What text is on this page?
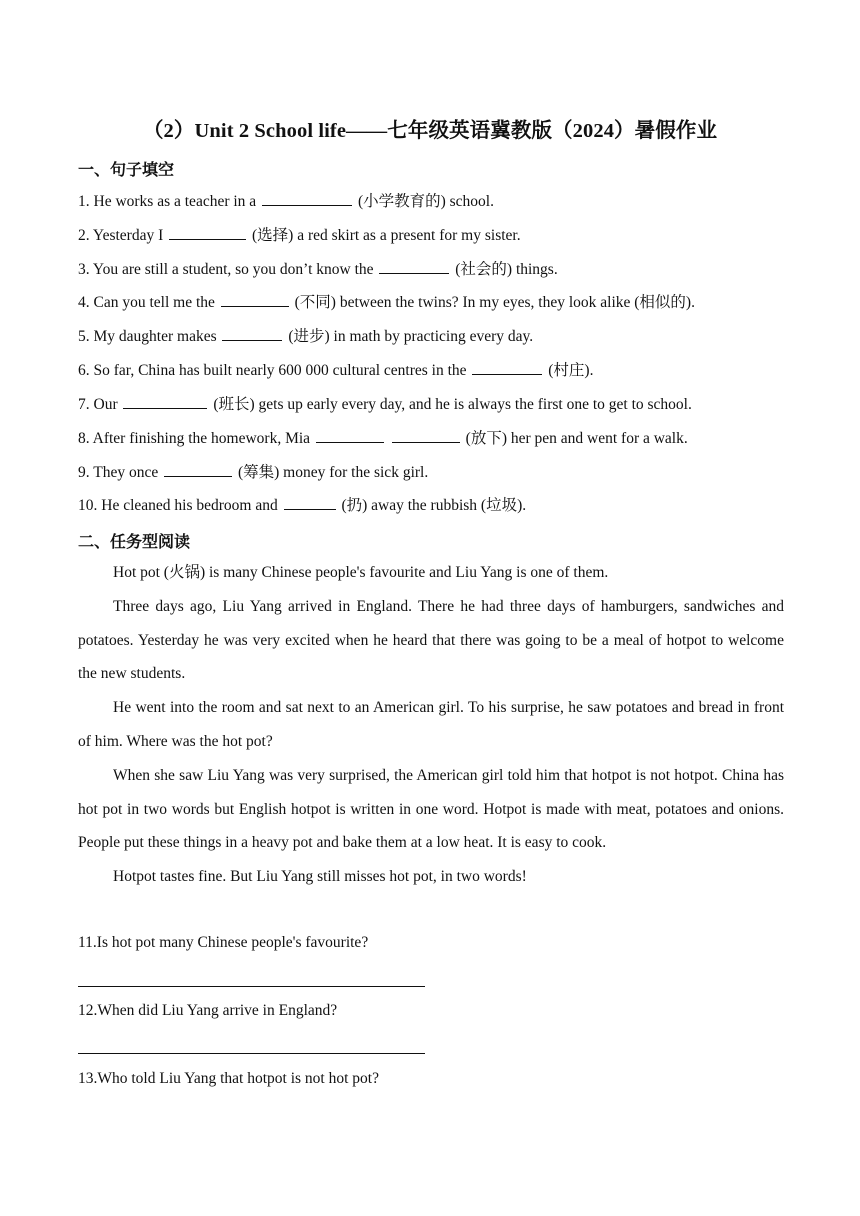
（2）Unit 2 School life——七年级英语冀教版（2024）暑假作业
一、句子填空
1. He works as a teacher in a	(小学教育的) school.
2. Yesterday I	(选择) a red skirt as a present for my sister.
3. You are still a student, so you don’t know the	(社会的) things.
4. Can you tell me the	(不同) between the twins? In my eyes, they look alike (相似的).
5. My daughter makes	(进步) in math by practicing every day.
6. So far, China has built nearly 600 000 cultural centres in the	(村庄).
7. Our	(班长) gets up early every day, and he is always the first one to get to school.
8. After finishing the homework, Mia	(放下) her pen and went for a walk.
9. They once	(筹集) money for the sick girl.
10. He cleaned his bedroom and	(扔) away the rubbish (垃圾).
二、任务型阅读

Hot pot (火锅) is many Chinese people's favourite and Liu Yang is one of them.

Three days ago, Liu Yang arrived in England. There he had three days of hamburgers, sandwiches and potatoes. Yesterday he was very excited when he heard that there was going to be a meal of hotpot to welcome the new students.

He went into the room and sat next to an American girl. To his surprise, he saw potatoes and bread in front of him. Where was the hot pot?

When she saw Liu Yang was very surprised, the American girl told him that hotpot is not hotpot. China has hot pot in two words but English hotpot is written in one word. Hotpot is made with meat, potatoes and onions. People put these things in a heavy pot and bake them at a low heat. It is easy to cook.

Hotpot tastes fine. But Liu Yang still misses hot pot, in two words!

11.Is hot pot many Chinese people's favourite?
12.When did Liu Yang arrive in England?
13.Who told Liu Yang that hotpot is not hot pot?
